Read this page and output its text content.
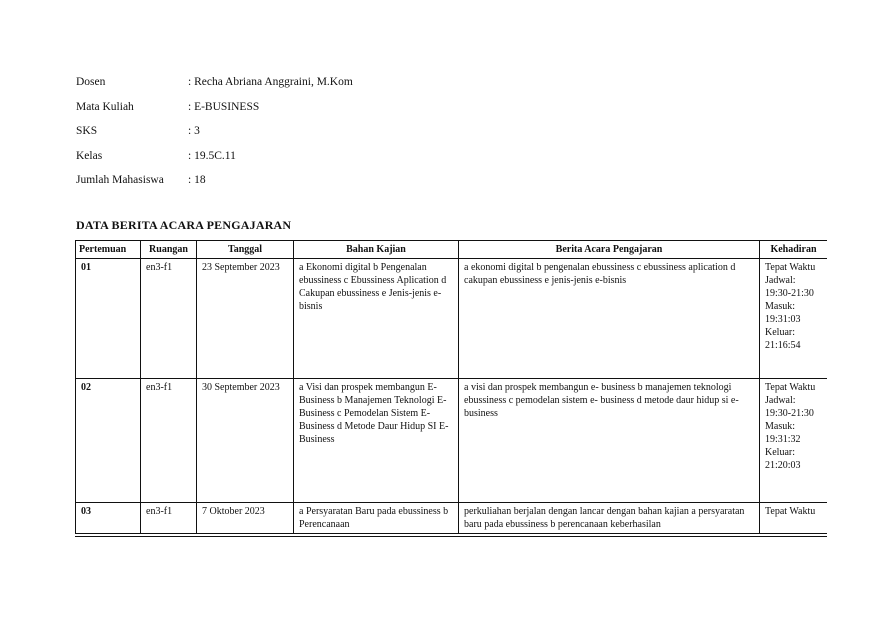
Dosen	: Recha Abriana Anggraini, M.Kom
Mata Kuliah	: E-BUSINESS
SKS	: 3
Kelas	: 19.5C.11
Jumlah Mahasiswa	: 18
DATA BERITA ACARA PENGAJARAN
Pertemuan	Ruangan	Tanggal	Bahan Kajian	Berita Acara Pengajaran	Kehadiran
01	en3-f1	23 September 2023	a Ekonomi digital b Pengenalan ebussiness c Ebussiness Aplication d Cakupan ebussiness e Jenis-jenis e-bisnis	a ekonomi digital b pengenalan ebussiness c ebussiness aplication d cakupan ebussiness e jenis-jenis e-bisnis	Tepat Waktu
Jadwal: 19:30-21:30
Masuk: 19:31:03
Keluar: 21:16:54

02	en3-f1	30 September 2023	a Visi dan prospek membangun E- Business b Manajemen Teknologi E-Business c Pemodelan Sistem E- Business d Metode Daur Hidup SI E-Business	a visi dan prospek membangun e- business b manajemen teknologi ebussiness c pemodelan sistem e- business d metode daur hidup si e- business	Tepat Waktu
Jadwal: 19:30-21:30
Masuk: 19:31:32
Keluar: 21:20:03

03	en3-f1	7 Oktober 2023	a Persyaratan Baru pada ebussiness b Perencanaan	perkuliahan berjalan dengan lancar dengan bahan kajian a persyaratan baru pada ebussiness b perencanaan keberhasilan	Tepat Waktu
